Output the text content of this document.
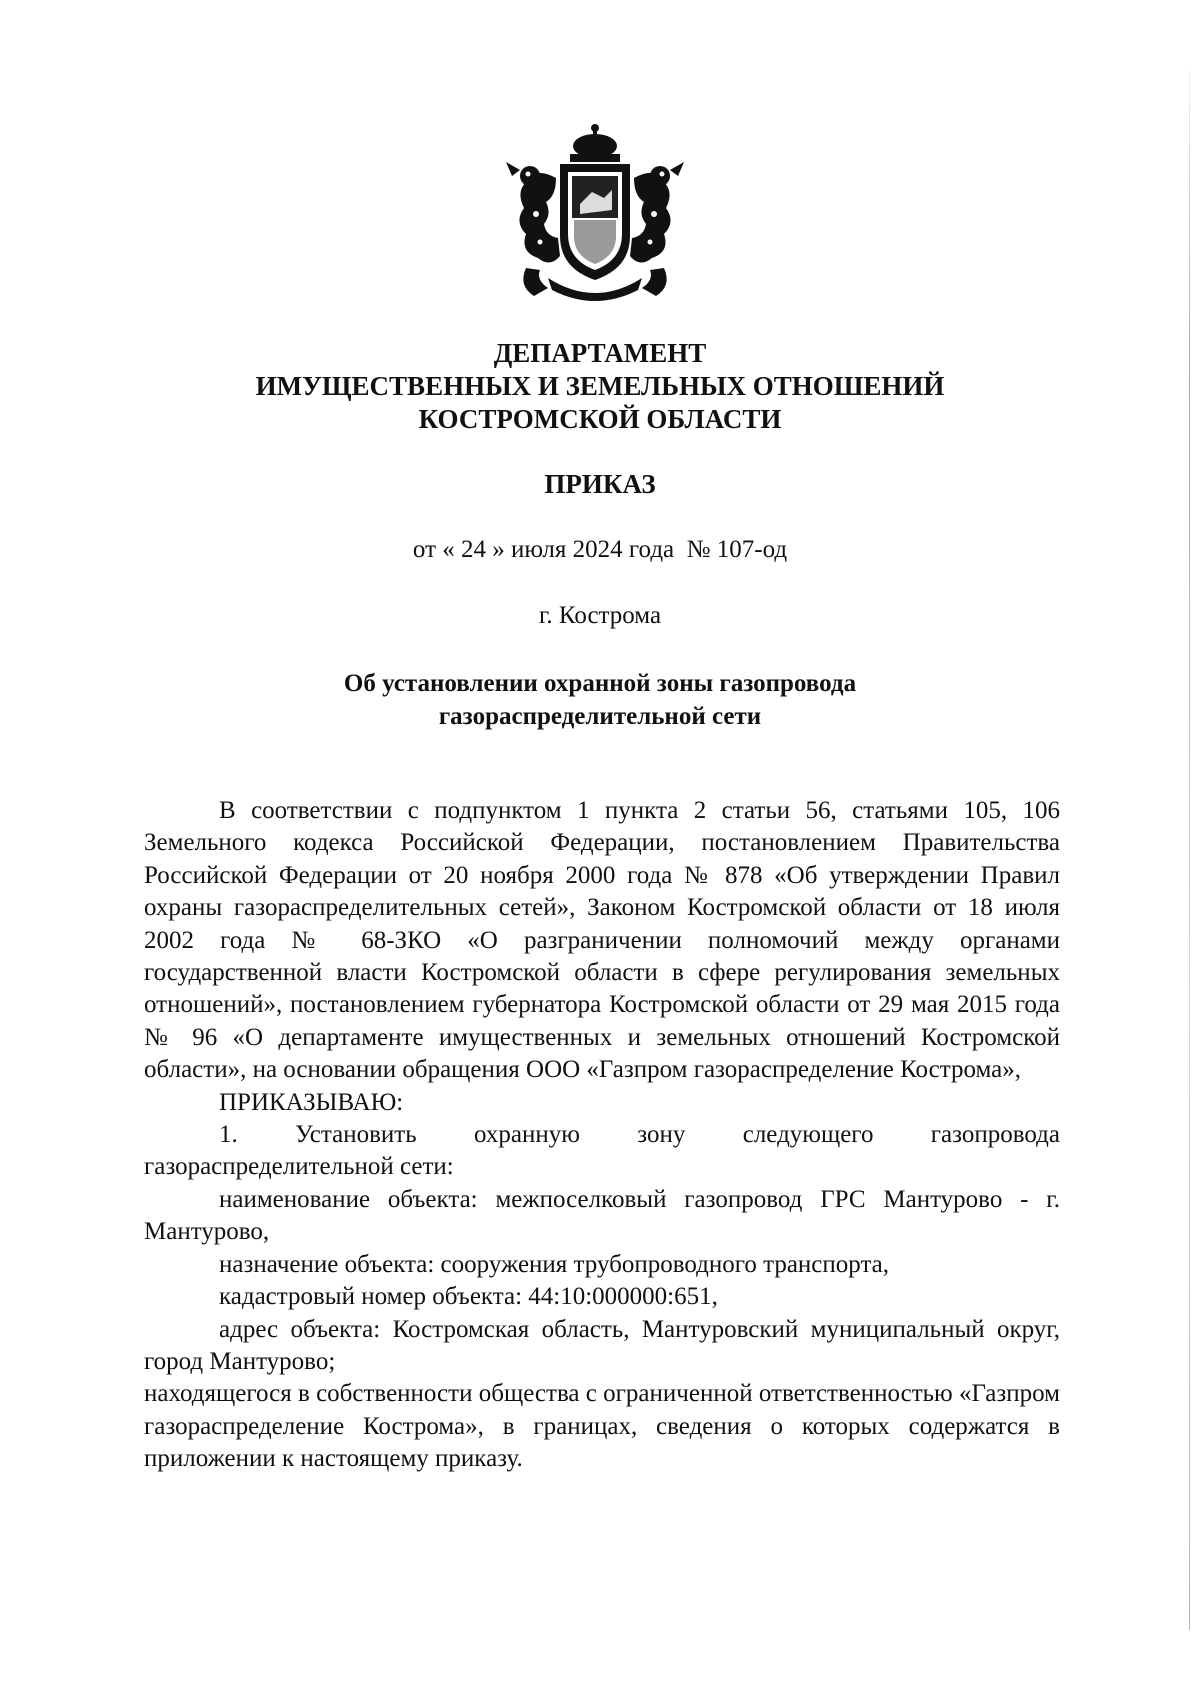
ДЕПАРТАМЕНТ
ИМУЩЕСТВЕННЫХ И ЗЕМЕЛЬНЫХ ОТНОШЕНИЙ
КОСТРОМСКОЙ ОБЛАСТИ
ПРИКАЗ
от « 24 » июля 2024 года  № 107-од
г. Кострома
Об установлении охранной зоны газопровода
газораспределительной сети

В соответствии с подпунктом 1 пункта 2 статьи 56, статьями 105, 106 Земельного кодекса Российской Федерации, постановлением Правительства Российской Федерации от 20 ноября 2000 года № 878 «Об утверждении Правил охраны газораспределительных сетей», Законом Костромской области от 18 июля 2002 года № 68-ЗКО «О разграничении полномочий между органами государственной власти Костромской области в сфере регулирования земельных отношений», постановлением губернатора Костромской области от 29 мая 2015 года № 96 «О департаменте имущественных и земельных отношений Костромской области», на основании обращения ООО «Газпром газораспределение Кострома»,

ПРИКАЗЫВАЮ:

1. Установить охранную зону следующего газопровода газораспределительной сети:

наименование объекта: межпоселковый газопровод ГРС Мантурово - г. Мантурово,

назначение объекта: сооружения трубопроводного транспорта,

кадастровый номер объекта: 44:10:000000:651,

адрес объекта: Костромская область, Мантуровский муниципальный округ, город Мантурово;

находящегося в собственности общества с ограниченной ответственностью «Газпром газораспределение Кострома», в границах, сведения о которых содержатся в приложении к настоящему приказу.
